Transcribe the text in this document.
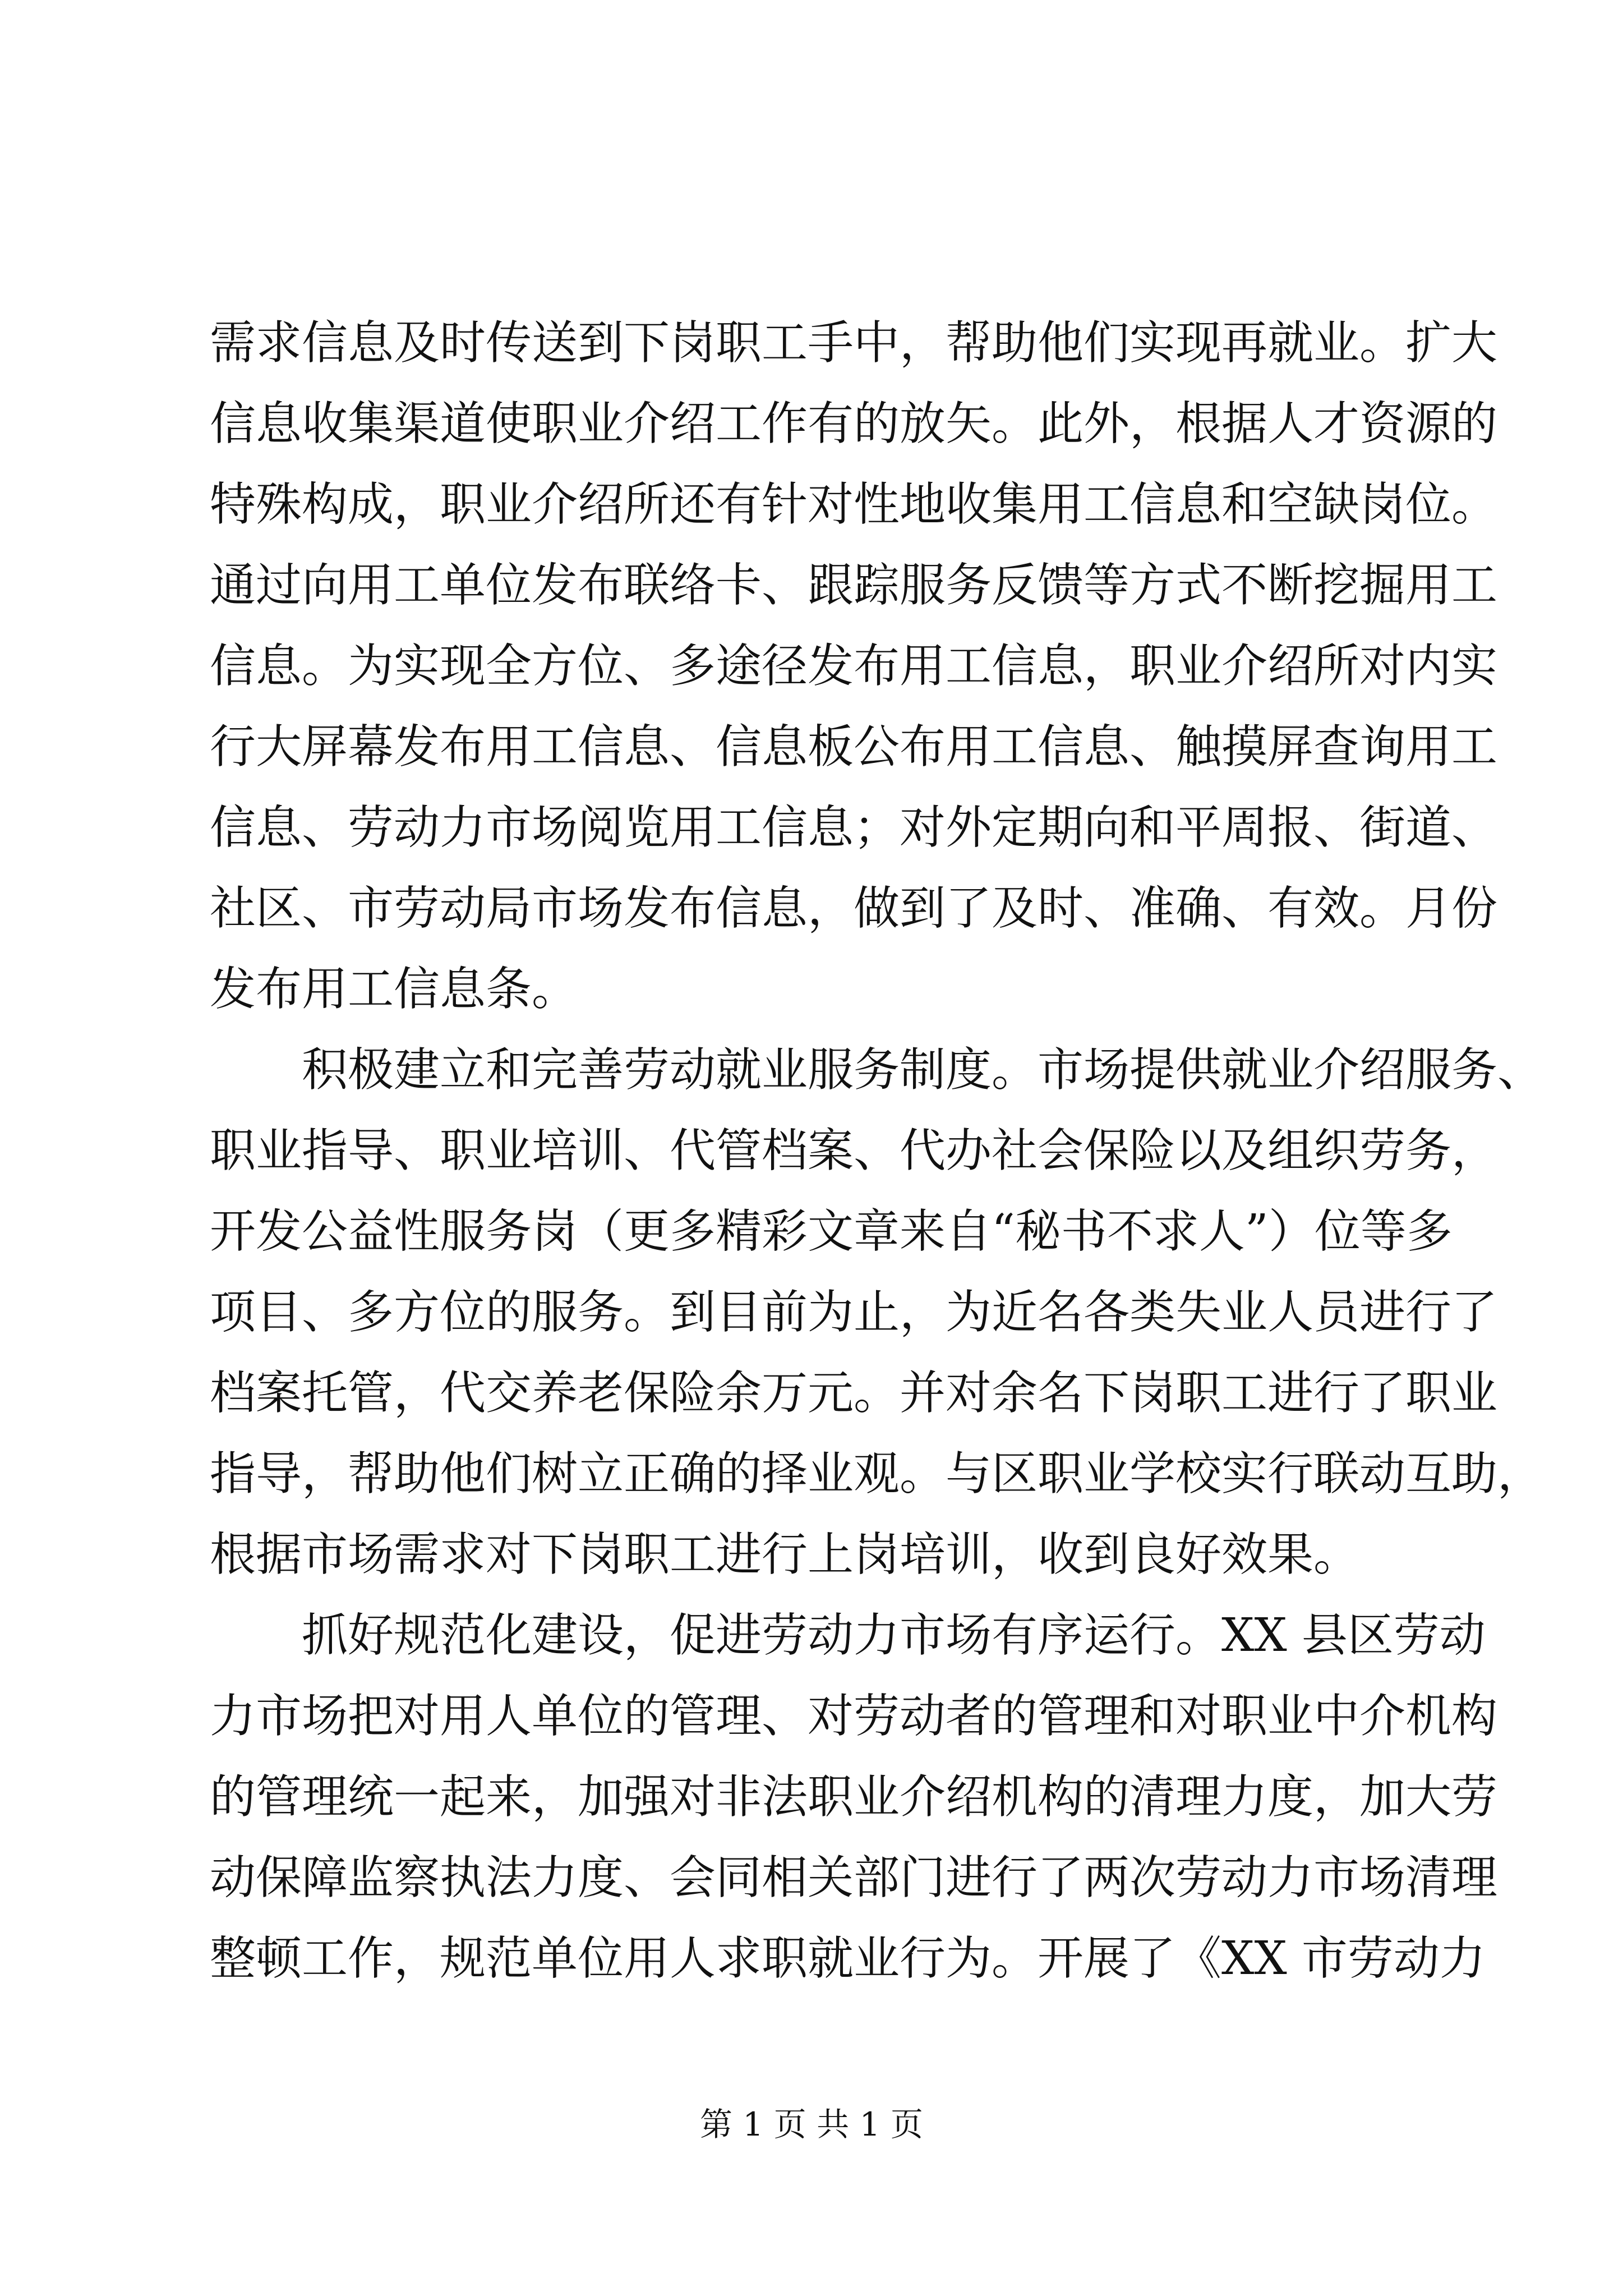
需求信息及时传送到下岗职工手中，帮助他们实现再就业。扩大
信息收集渠道使职业介绍工作有的放矢。此外，根据人才资源的
特殊构成，职业介绍所还有针对性地收集用工信息和空缺岗位。
通过向用工单位发布联络卡、跟踪服务反馈等方式不断挖掘用工
信息。为实现全方位、多途径发布用工信息，职业介绍所对内实
行大屏幕发布用工信息、信息板公布用工信息、触摸屏查询用工
信息、劳动力市场阅览用工信息；对外定期向和平周报、街道、
社区、市劳动局市场发布信息，做到了及时、准确、有效。月份
发布用工信息条。
积极建立和完善劳动就业服务制度。市场提供就业介绍服务、
职业指导、职业培训、代管档案、代办社会保险以及组织劳务，
开发公益性服务岗（更多精彩文章来自“秘书不求人”）位等多
项目、多方位的服务。到目前为止，为近名各类失业人员进行了
档案托管，代交养老保险余万元。并对余名下岗职工进行了职业
指导，帮助他们树立正确的择业观。与区职业学校实行联动互助，
根据市场需求对下岗职工进行上岗培训，收到良好效果。
抓好规范化建设，促进劳动力市场有序运行。XX 县区劳动
力市场把对用人单位的管理、对劳动者的管理和对职业中介机构
的管理统一起来，加强对非法职业介绍机构的清理力度，加大劳
动保障监察执法力度、会同相关部门进行了两次劳动力市场清理
整顿工作，规范单位用人求职就业行为。开展了《XX 市劳动力
第 1 页 共 1 页
